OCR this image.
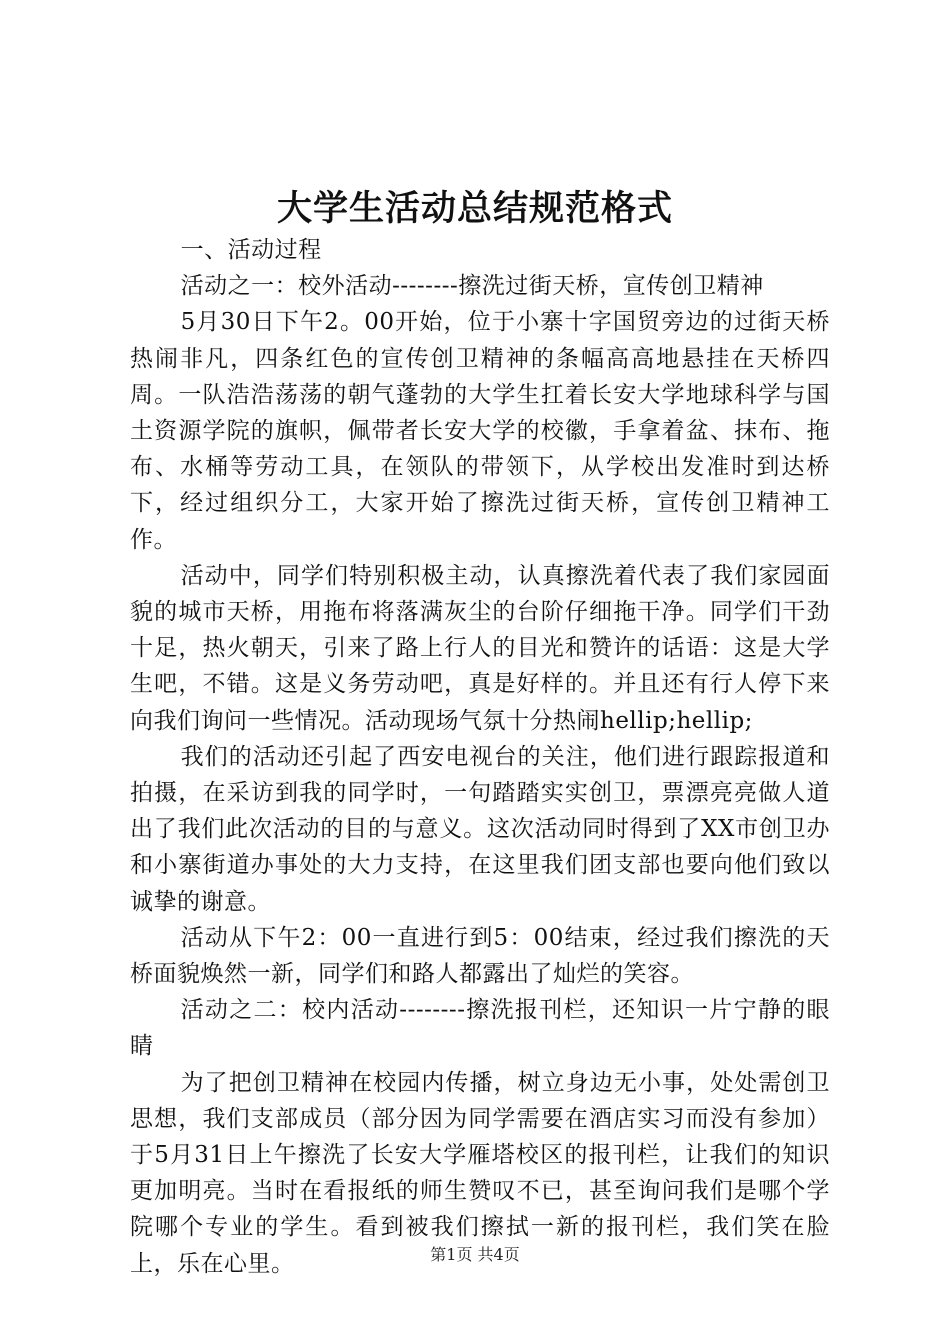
大学生活动总结规范格式

一、活动过程

活动之一：校外活动--------擦洗过街天桥，宣传创卫精神

5月30日下午2。00开始，位于小寨十字国贸旁边的过街天桥热闹非凡，四条红色的宣传创卫精神的条幅高高地悬挂在天桥四周。一队浩浩荡荡的朝气蓬勃的大学生扛着长安大学地球科学与国土资源学院的旗帜，佩带者长安大学的校徽，手拿着盆、抹布、拖布、水桶等劳动工具，在领队的带领下，从学校出发准时到达桥下，经过组织分工，大家开始了擦洗过街天桥，宣传创卫精神工作。

活动中，同学们特别积极主动，认真擦洗着代表了我们家园面貌的城市天桥，用拖布将落满灰尘的台阶仔细拖干净。同学们干劲十足，热火朝天，引来了路上行人的目光和赞许的话语：这是大学生吧，不错。这是义务劳动吧，真是好样的。并且还有行人停下来向我们询问一些情况。活动现场气氛十分热闹hellip;hellip;

我们的活动还引起了西安电视台的关注，他们进行跟踪报道和拍摄，在采访到我的同学时，一句踏踏实实创卫，票漂亮亮做人道出了我们此次活动的目的与意义。这次活动同时得到了XX市创卫办和小寨街道办事处的大力支持，在这里我们团支部也要向他们致以诚挚的谢意。

活动从下午2：00一直进行到5：00结束，经过我们擦洗的天桥面貌焕然一新，同学们和路人都露出了灿烂的笑容。

活动之二：校内活动--------擦洗报刊栏，还知识一片宁静的眼睛

为了把创卫精神在校园内传播，树立身边无小事，处处需创卫思想，我们支部成员（部分因为同学需要在酒店实习而没有参加）于5月31日上午擦洗了长安大学雁塔校区的报刊栏，让我们的知识更加明亮。当时在看报纸的师生赞叹不已，甚至询问我们是哪个学院哪个专业的学生。看到被我们擦拭一新的报刊栏，我们笑在脸上，乐在心里。	第1页 共4页
